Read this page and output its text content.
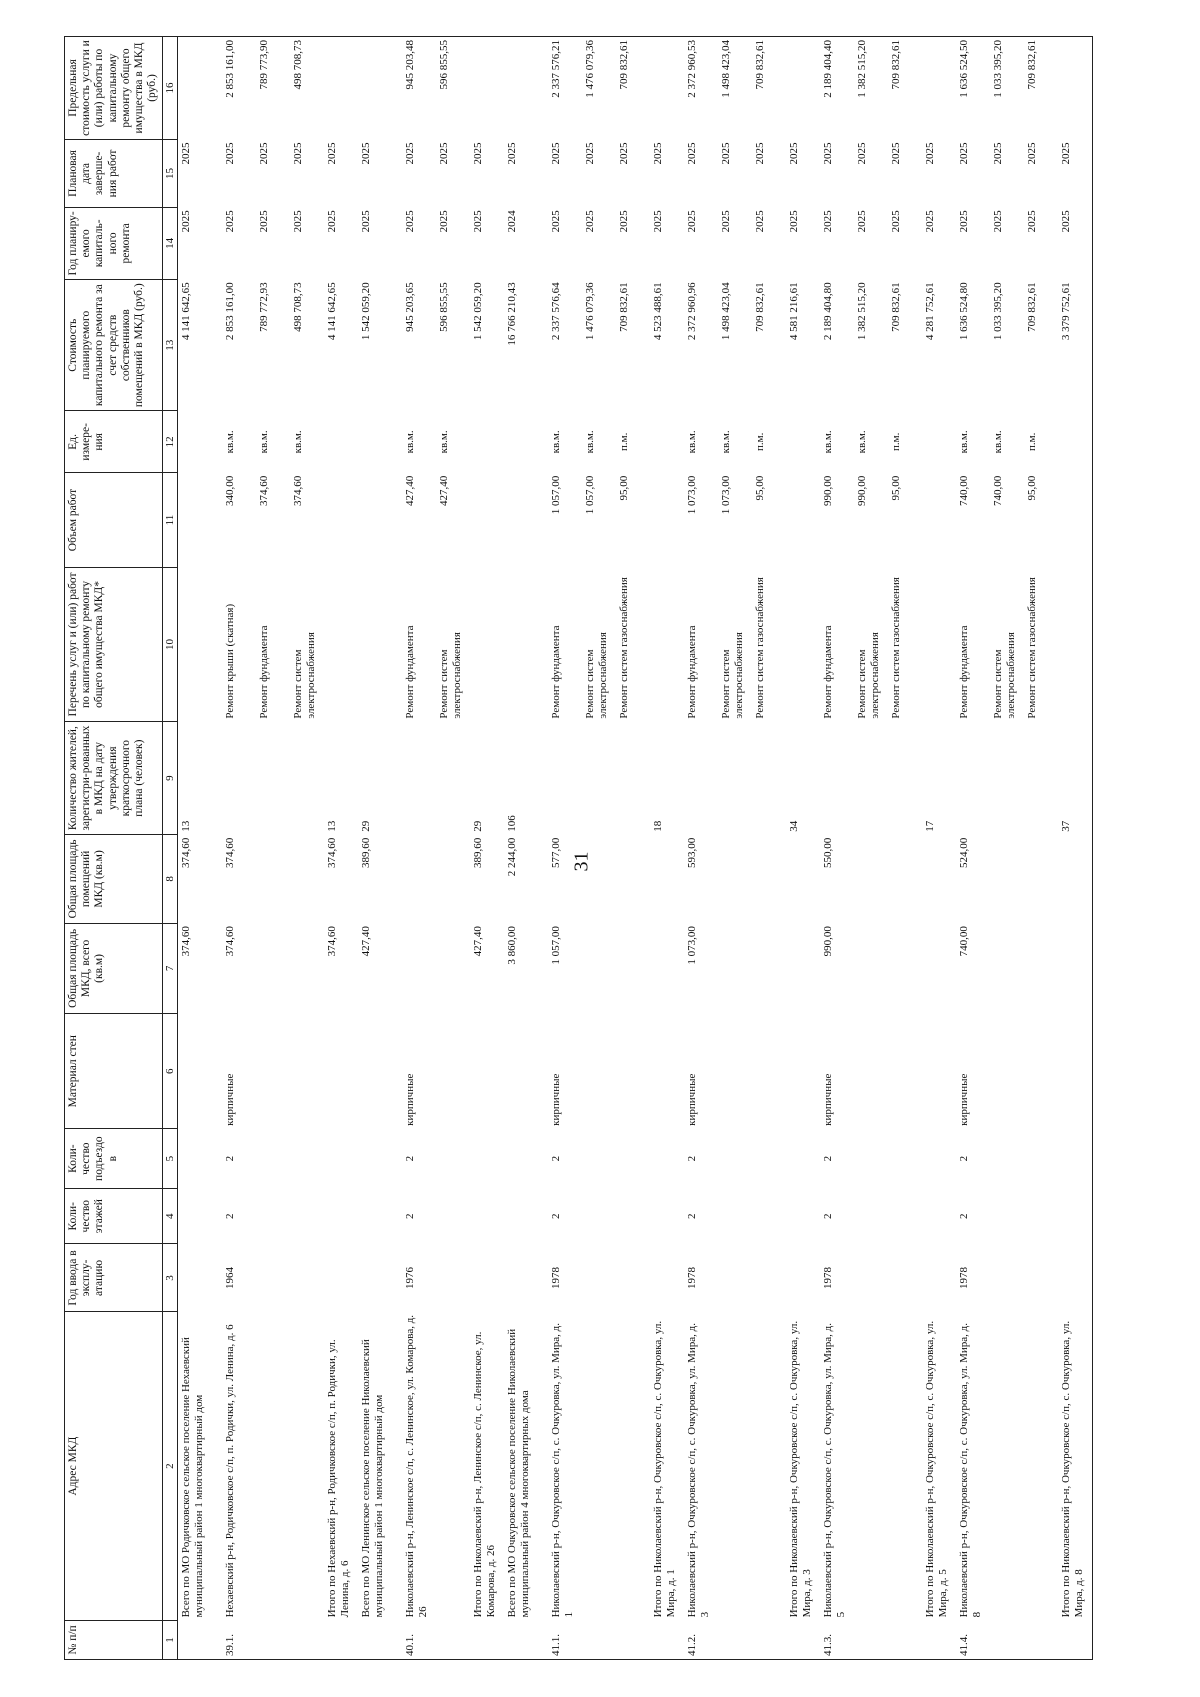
31
№ п/п	Адрес МКД	Год ввода в эксплу-атацию	Коли-чество этажей	Коли-чество подъездо в	Материал стен	Общая площадь МКД, всего (кв.м)	Общая площадь помещений МКД (кв.м)	Количество жителей, зарегистри-рованных в МКД на дату утверждения краткосрочного плана (человек)	Перечень услуг и (или) работ по капитальному ремонту общего имущества МКД*	Объем работ	Ед. измере-ния	Стоимость планируемого капитального ремонта за счет средств собственников помещений в МКД (руб.)	Год планиру-емого капиталь-ного ремонта	Плановая дата заверше-ния работ	Предельная стоимость услуги и (или) работы по капитальному ремонту общего имущества в МКД (руб.)
1	2	3	4	5	6	7	8	9	10	11	12	13	14	15	16
	Всего по МО Родичковское сельское поселение Нехаевский муниципальный район 1 многоквартирный дом					374,60	374,60	13				4 141 642,65	2025	2025	
39.1.	Нехаевский р-н, Родичковское с/п, п. Родички, ул. Ленина, д. 6	1964	2	2	кирпичные	374,60	374,60		Ремонт крыши (скатная)	340,00	кв.м.	2 853 161,00	2025	2025	2 853 161,00
									Ремонт фундамента	374,60	кв.м.	789 772,93	2025	2025	789 773,90
									Ремонт систем электроснабжения	374,60	кв.м.	498 708,73	2025	2025	498 708,73
	Итого по Нехаевский р-н, Родичковское с/п, п. Родички, ул. Ленина, д. 6					374,60	374,60	13				4 141 642,65	2025	2025	
	Всего по МО Ленинское сельское поселение Николаевский муниципальный район 1 многоквартирный дом					427,40	389,60	29				1 542 059,20	2025	2025	
40.1.	Николаевский р-н, Ленинское с/п, с. Ленинское, ул. Комарова, д. 26	1976	2	2	кирпичные				Ремонт фундамента	427,40	кв.м.	945 203,65	2025	2025	945 203,48
									Ремонт систем электроснабжения	427,40	кв.м.	596 855,55	2025	2025	596 855,55
	Итого по Николаевский р-н, Ленинское с/п, с. Ленинское, ул. Комарова, д. 26					427,40	389,60	29				1 542 059,20	2025	2025	
	Всего по МО Очкуровское сельское поселение Николаевский муниципальный район 4 многоквартирных дома					3 860,00	2 244,00	106				16 766 210,43	2024	2025	
41.1.	Николаевский р-н, Очкуровское с/п, с. Очкуровка, ул. Мира, д. 1	1978	2	2	кирпичные	1 057,00	577,00		Ремонт фундамента	1 057,00	кв.м.	2 337 576,64	2025	2025	2 337 576,21
									Ремонт систем электроснабжения	1 057,00	кв.м.	1 476 079,36	2025	2025	1 476 079,36
									Ремонт систем газоснабжения	95,00	п.м.	709 832,61	2025	2025	709 832,61
	Итого по Николаевский р-н, Очкуровское с/п, с. Очкуровка, ул. Мира, д. 1							18				4 523 488,61	2025	2025	
41.2.	Николаевский р-н, Очкуровское с/п, с. Очкуровка, ул. Мира, д. 3	1978	2	2	кирпичные	1 073,00	593,00		Ремонт фундамента	1 073,00	кв.м.	2 372 960,96	2025	2025	2 372 960,53
									Ремонт систем электроснабжения	1 073,00	кв.м.	1 498 423,04	2025	2025	1 498 423,04
									Ремонт систем газоснабжения	95,00	п.м.	709 832,61	2025	2025	709 832,61
	Итого по Николаевский р-н, Очкуровское с/п, с. Очкуровка, ул. Мира, д. 3							34				4 581 216,61	2025	2025	
41.3.	Николаевский р-н, Очкуровское с/п, с. Очкуровка, ул. Мира, д. 5	1978	2	2	кирпичные	990,00	550,00		Ремонт фундамента	990,00	кв.м.	2 189 404,80	2025	2025	2 189 404,40
									Ремонт систем электроснабжения	990,00	кв.м.	1 382 515,20	2025	2025	1 382 515,20
									Ремонт систем газоснабжения	95,00	п.м.	709 832,61	2025	2025	709 832,61
	Итого по Николаевский р-н, Очкуровское с/п, с. Очкуровка, ул. Мира, д. 5							17				4 281 752,61	2025	2025	
41.4.	Николаевский р-н, Очкуровское с/п, с. Очкуровка, ул. Мира, д. 8	1978	2	2	кирпичные	740,00	524,00		Ремонт фундамента	740,00	кв.м.	1 636 524,80	2025	2025	1 636 524,50
									Ремонт систем электроснабжения	740,00	кв.м.	1 033 395,20	2025	2025	1 033 395,20
									Ремонт систем газоснабжения	95,00	п.м.	709 832,61	2025	2025	709 832,61
	Итого по Николаевский р-н, Очкуровское с/п, с. Очкуровка, ул. Мира, д. 8							37				3 379 752,61	2025	2025	
